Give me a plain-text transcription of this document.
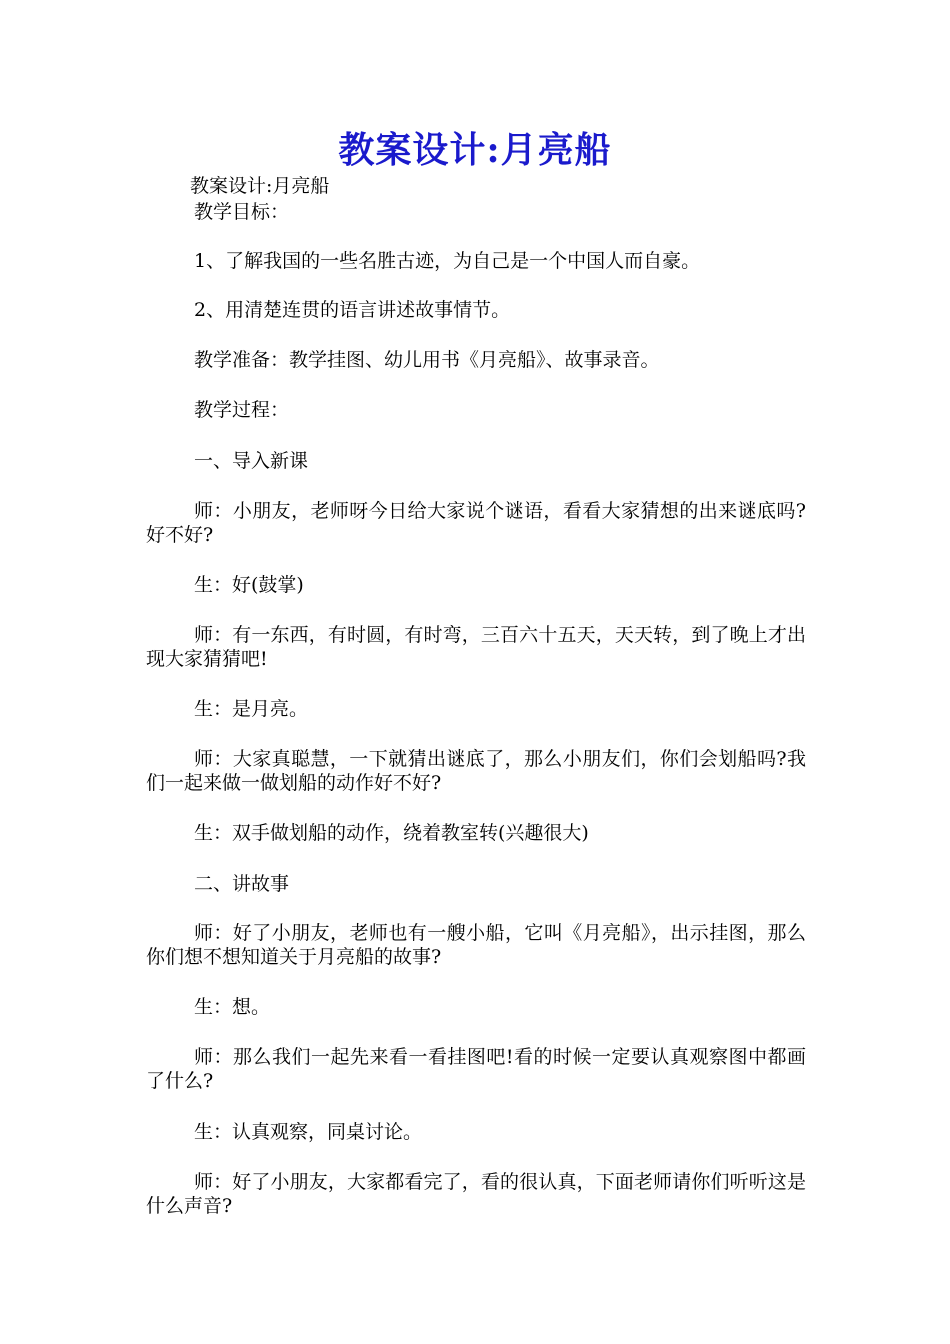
教案设计:月亮船
教案设计:月亮船
教学目标：
1、了解我国的一些名胜古迹，为自己是一个中国人而自豪。
2、用清楚连贯的语言讲述故事情节。
教学准备：教学挂图、幼儿用书《月亮船》、故事录音。
教学过程：
一、导入新课
师：小朋友，老师呀今日给大家说个谜语，看看大家猜想的出来谜底吗?好不好?
生：好(鼓掌)
师：有一东西，有时圆，有时弯，三百六十五天，天天转，到了晚上才出现大家猜猜吧!
生：是月亮。
师：大家真聪慧，一下就猜出谜底了，那么小朋友们，你们会划船吗?我们一起来做一做划船的动作好不好?
生：双手做划船的动作，绕着教室转(兴趣很大)
二、讲故事
师：好了小朋友，老师也有一艘小船，它叫《月亮船》，出示挂图，那么你们想不想知道关于月亮船的故事?
生：想。
师：那么我们一起先来看一看挂图吧!看的时候一定要认真观察图中都画了什么?
生：认真观察，同桌讨论。
师：好了小朋友，大家都看完了，看的很认真，下面老师请你们听听这是什么声音?
